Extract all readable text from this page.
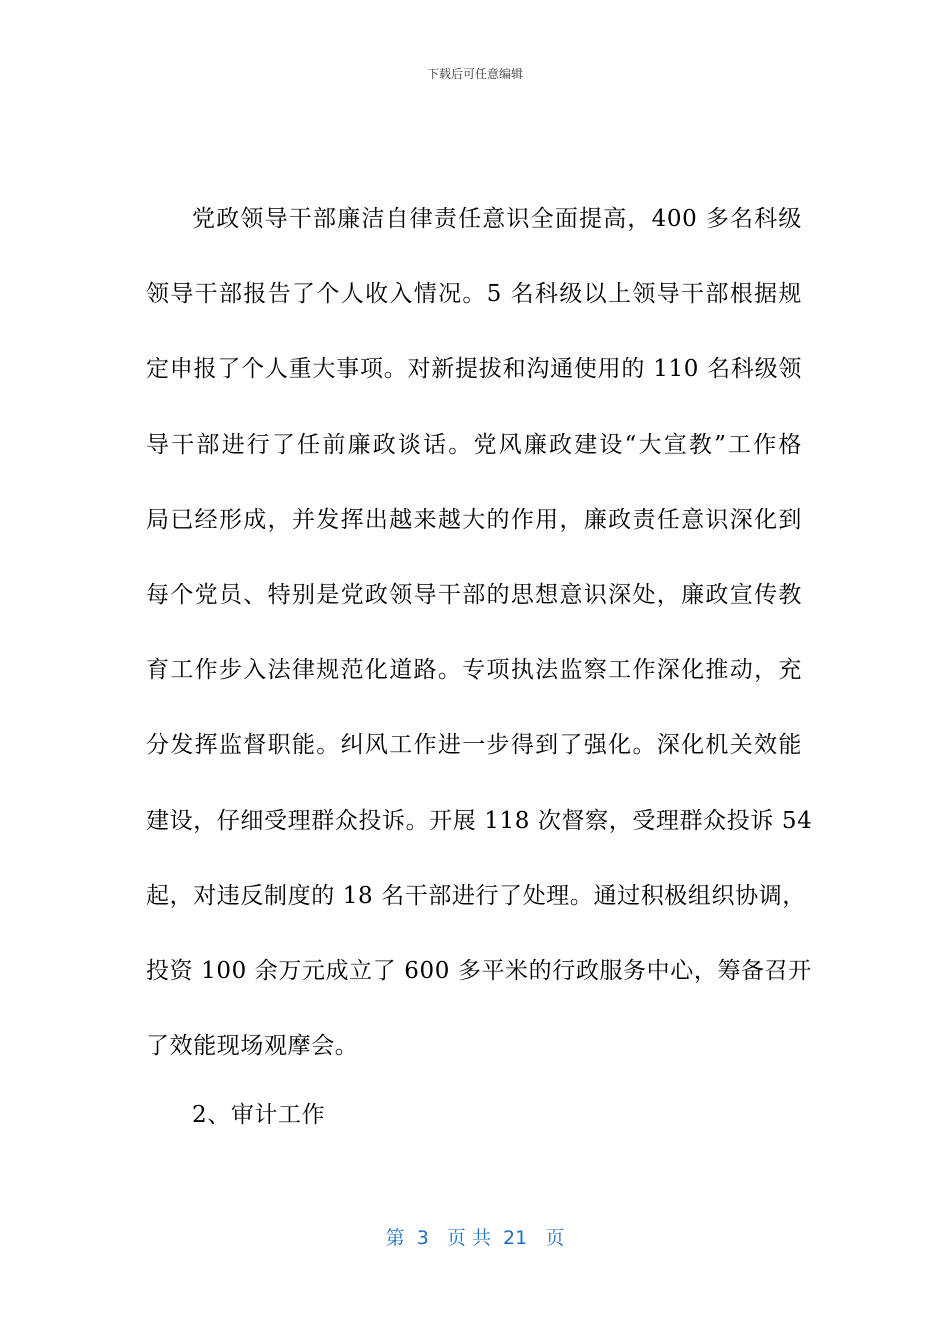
下载后可任意编辑
党政领导干部廉洁自律责任意识全面提高，400 多名科级
领导干部报告了个人收入情况。5 名科级以上领导干部根据规
定申报了个人重大事项。对新提拔和沟通使用的 110 名科级领
导干部进行了任前廉政谈话。党风廉政建设“大宣教”工作格
局已经形成，并发挥出越来越大的作用，廉政责任意识深化到
每个党员、特别是党政领导干部的思想意识深处，廉政宣传教
育工作步入法律规范化道路。专项执法监察工作深化推动，充
分发挥监督职能。纠风工作进一步得到了强化。深化机关效能
建设，仔细受理群众投诉。开展 118 次督察，受理群众投诉 54
起，对违反制度的 18 名干部进行了处理。通过积极组织协调，
投资 100 余万元成立了 600 多平米的行政服务中心，筹备召开
了效能现场观摩会。
2、审计工作
第  3   页 共  21   页
